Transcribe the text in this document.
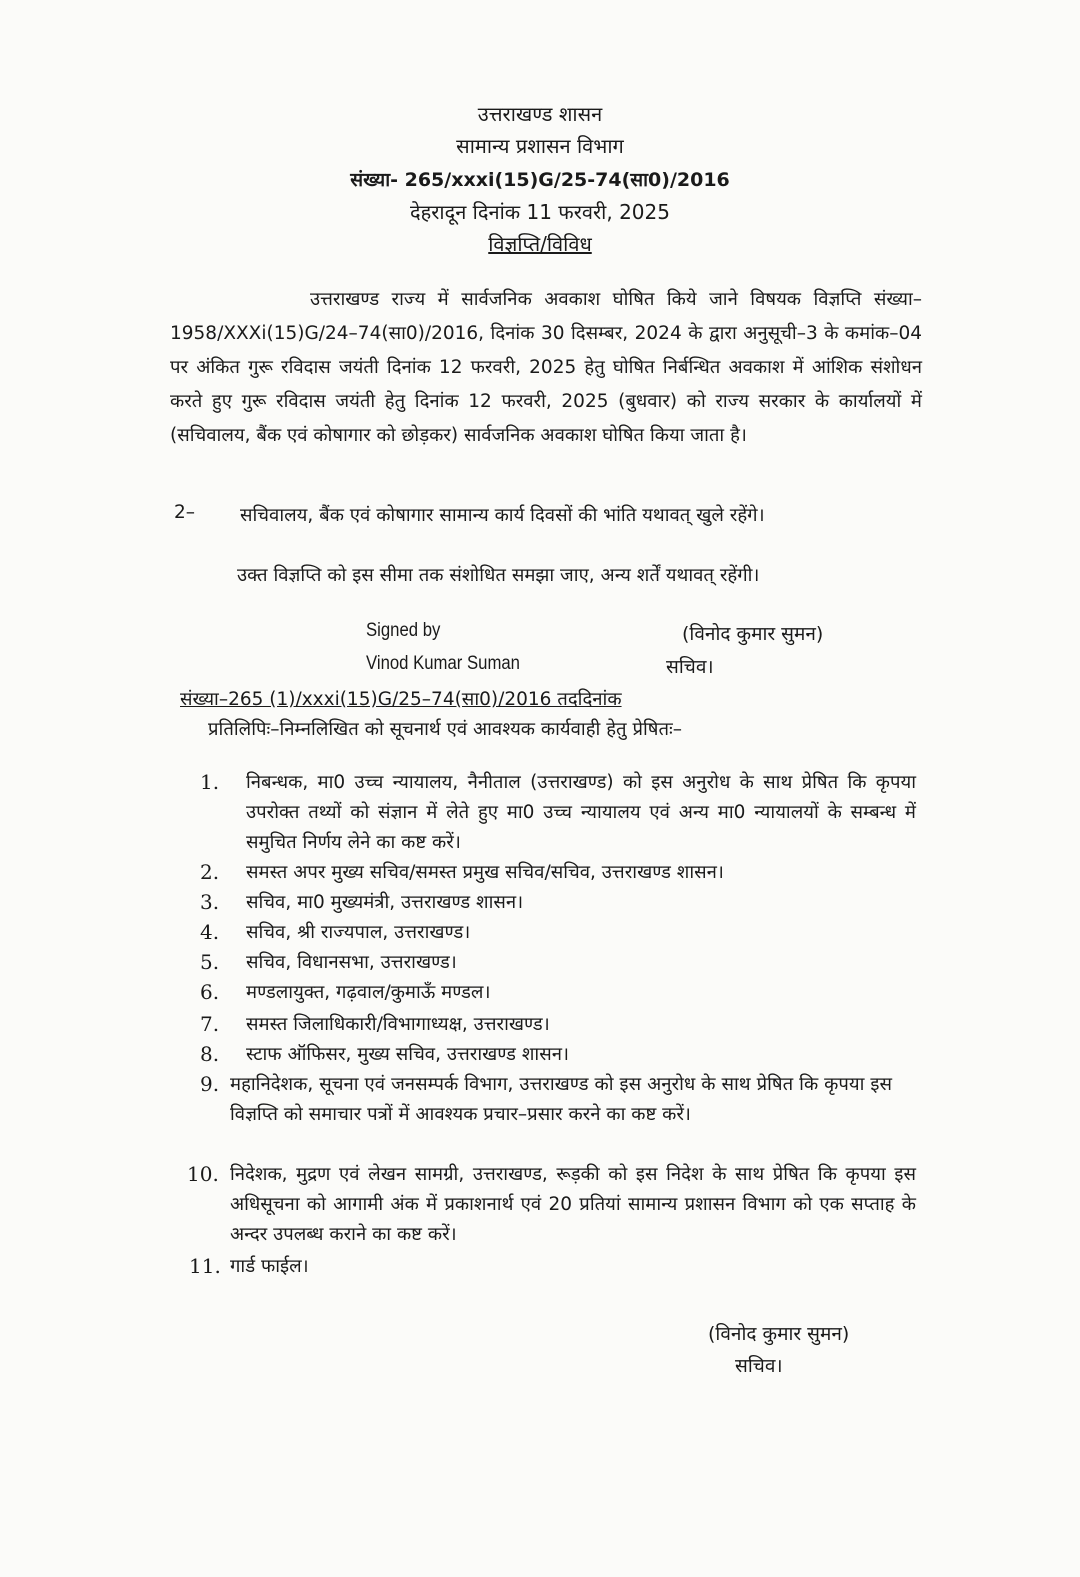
उत्तराखण्ड शासन
सामान्य प्रशासन विभाग
संख्या- 265/xxxi(15)G/25-74(सा0)/2016
देहरादून दिनांक 11 फरवरी, 2025
विज्ञप्ति/विविध
उत्तराखण्ड राज्य में सार्वजनिक अवकाश घोषित किये जाने विषयक विज्ञप्ति संख्या–1958/XXXi(15)G/24–74(सा0)/2016, दिनांक 30 दिसम्बर, 2024 के द्वारा अनुसूची–3 के कमांक–04 पर अंकित गुरू रविदास जयंती दिनांक 12 फरवरी, 2025 हेतु घोषित निर्बन्धित अवकाश में आंशिक संशोधन करते हुए गुरू रविदास जयंती हेतु दिनांक 12 फरवरी, 2025 (बुधवार) को राज्य सरकार के कार्यालयों में (सचिवालय, बैंक एवं कोषागार को छोड़कर) सार्वजनिक अवकाश घोषित किया जाता है।
2– सचिवालय, बैंक एवं कोषागार सामान्य कार्य दिवसों की भांति यथावत् खुले रहेंगे।
उक्त विज्ञप्ति को इस सीमा तक संशोधित समझा जाए, अन्य शर्तें यथावत् रहेंगी।
Signed by
Vinod Kumar Suman
(विनोद कुमार सुमन)
सचिव।
संख्या–265 (1)/xxxi(15)G/25–74(सा0)/2016 तददिनांक
प्रतिलिपिः–निम्नलिखित को सूचनार्थ एवं आवश्यक कार्यवाही हेतु प्रेषितः–
1. निबन्धक, मा0 उच्च न्यायालय, नैनीताल (उत्तराखण्ड) को इस अनुरोध के साथ प्रेषित कि कृपया उपरोक्त तथ्यों को संज्ञान में लेते हुए मा0 उच्च न्यायालय एवं अन्य मा0 न्यायालयों के सम्बन्ध में समुचित निर्णय लेने का कष्ट करें।
2. समस्त अपर मुख्य सचिव/समस्त प्रमुख सचिव/सचिव, उत्तराखण्ड शासन।
3. सचिव, मा0 मुख्यमंत्री, उत्तराखण्ड शासन।
4. सचिव, श्री राज्यपाल, उत्तराखण्ड।
5. सचिव, विधानसभा, उत्तराखण्ड।
6. मण्डलायुक्त, गढ़वाल/कुमाऊँ मण्डल।
7. समस्त जिलाधिकारी/विभागाध्यक्ष, उत्तराखण्ड।
8. स्टाफ ऑफिसर, मुख्य सचिव, उत्तराखण्ड शासन।
9. महानिदेशक, सूचना एवं जनसम्पर्क विभाग, उत्तराखण्ड को इस अनुरोध के साथ प्रेषित कि कृपया इस विज्ञप्ति को समाचार पत्रों में आवश्यक प्रचार–प्रसार करने का कष्ट करें।
10. निदेशक, मुद्रण एवं लेखन सामग्री, उत्तराखण्ड, रूड़की को इस निदेश के साथ प्रेषित कि कृपया इस अधिसूचना को आगामी अंक में प्रकाशनार्थ एवं 20 प्रतियां सामान्य प्रशासन विभाग को एक सप्ताह के अन्दर उपलब्ध कराने का कष्ट करें।
11. गार्ड फाईल।
(विनोद कुमार सुमन)
सचिव।
